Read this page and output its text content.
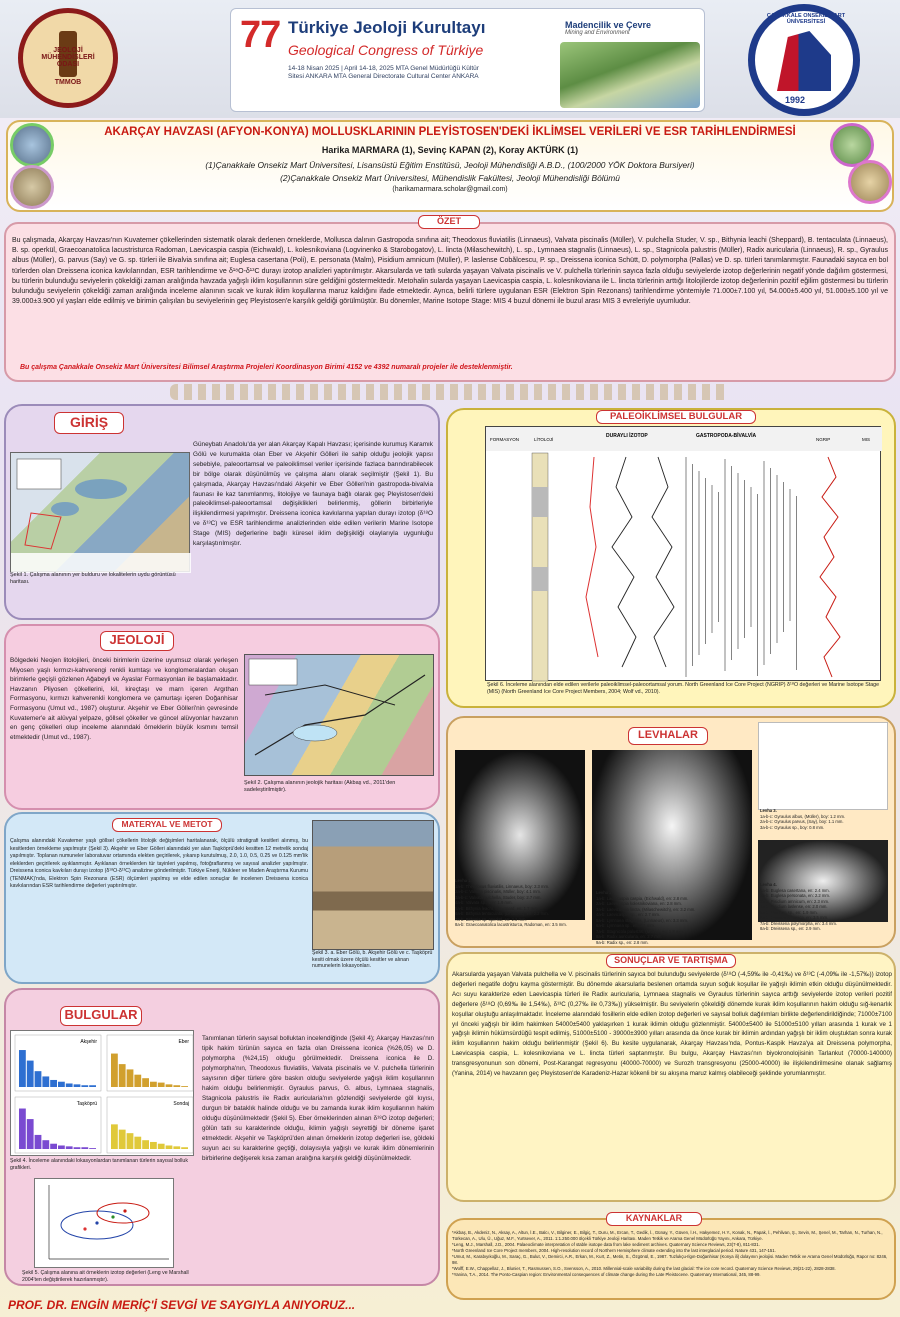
JEOLOJİ MÜHENDİSLERİ ODASI
TMMOB
77 Türkiye Jeoloji Kurultayı
Geological Congress of Türkiye
14-18 Nisan 2025 | April 14-18, 2025 MTA Genel Müdürlüğü Kültür Sitesi ANKARA MTA General Directorate Cultural Center ANKARA
Madencilik ve Çevre
Mining and Environment
1992
ÇANAKKALE ONSEKİZ MART ÜNİVERSİTESİ
AKARÇAY HAVZASI (AFYON-KONYA) MOLLUSKLARININ PLEYİSTOSEN'DEKİ İKLİMSEL VERİLERİ VE ESR TARİHLENDİRMESİ
Harika MARMARA (1), Sevinç KAPAN (2), Koray AKTÜRK (1)
(1)Çanakkale Onsekiz Mart Üniversitesi, Lisansüstü Eğitim Enstitüsü, Jeoloji Mühendisliği A.B.D., (100/2000 YÖK Doktora Bursiyeri)
(2)Çanakkale Onsekiz Mart Üniversitesi, Mühendislik Fakültesi, Jeoloji Mühendisliği Bölümü
(harikamarmara.scholar@gmail.com)
ÖZET
Bu çalışmada, Akarçay Havzası'nın Kuvatemer çökellerinden sistematik olarak derlenen örneklerde, Mollusca dalının Gastropoda sınıfına ait; Theodoxus fluviatilis (Linnaeus), Valvata piscinalis (Müller), V. pulchella Studer, V. sp., Bithynia leachi (Sheppard), B. tentaculata (Linnaeus), B. sp. operkül, Graecoanatolica lacustristurca Radoman, Laevicaspia caspia (Eichwald), L. kolesnikoviana (Logvinenko & Starobogatov), L. lincta (Milaschewitch), L. sp., Lymnaea stagnalis (Linnaeus), L. sp., Stagnicola palustris (Müller), Radix auricularia (Linnaeus), R. sp., Gyraulus albus (Müller), G. parvus (Say) ve G. sp. türleri ile Bivalvia sınıfına ait; Euglesa casertana (Poli), E. personata (Malm), Pisidium amnicum (Müller), P. laslense Cobălcescu, P. sp., Dreissena iconica Schütt, D. polymorpha (Pallas) ve D. sp. türleri tanımlanmıştır. Faunadaki sayıca en bol türlerden olan Dreissena iconica kavkılarından, ESR tarihlendirme ve δ¹⁸O-δ¹³C durayı izotop analizleri yaptırılmıştır. Akarsularda ve tatlı sularda yaşayan Valvata piscinalis ve V. pulchella türlerinin sayıca fazla olduğu seviyelerde izotop değerlerinin negatif yönde dağılım göstermesi, bu türlerin bulunduğu seviyelerin çökeldiği zaman aralığında havzada yağışlı iklim koşullarının süre geldiğini göstermektedir. Metohalin sularda yaşayan Laevicaspia caspia, L. kolesnikoviana ile L. lincta türlerinin arttığı litolojilerde izotop değerlerinin pozitif eğilim göstermesi bu türlerin bulunduğu seviyelerin çökeldiği zaman aralığında inceleme alanının sıcak ve kurak iklim koşullarına maruz kaldığını ifade etmektedir. Ayrıca, belirli türlere uygulanan ESR (Elektron Spin Rezonans) tarihlendirme yöntemiyle 71.000±7.100 yıl, 54.000±5.400 yıl, 51.000±5.100 yıl ve 39.000±3.900 yıl yaşları elde edilmiş ve birimin çalışılan bu seviyelerinin geç Pleyistosen'e karşılık geldiği görülmüştür. Bu dönemler, Marine Isotope Stage: MIS 4 buzul dönemi ile buzul arası MIS 3 evreleriyle uyumludur.
Bu çalışma Çanakkale Onsekiz Mart Üniversitesi Bilimsel Araştırma Projeleri Koordinasyon Birimi 4152 ve 4392 numaralı projeler ile desteklenmiştir.
GİRİŞ
Güneybatı Anadolu'da yer alan Akarçay Kapalı Havzası; içerisinde kurumuş Karamık Gölü ve kurumakta olan Eber ve Akşehir Gölleri ile sahip olduğu jeolojik yapısı sebebiyle, paleoortamsal ve paleoiklimsel veriler içerisinde fazlaca barındırabilecek bir bölge olarak düşünülmüş ve çalışma alanı olarak seçilmiştir (Şekil 1). Bu çalışmada, Akarçay Havzası'ndaki Akşehir ve Eber Gölleri'nin gastropoda-bivalvia faunası ile kaz tanımlanmış, litolojiye ve faunaya bağlı olarak geç Pleyistosen'deki paleoiklimsel-paleoortamsal değişiklikleri belirlenmiş, göllerin birbirleriyle ilişkilendirmesi yapılmıştır. Dreissena iconica kavkılarına yapılan durayı izotop (δ¹⁸O ve δ¹³C) ve ESR tarihlendirme analizlerinden elde edilen verilerin Marine Isotope Stage (MIS) değerlerine bağlı küresel iklim değişikliği olaylarıyla uygunluğu karşılaştırılmıştır.
Şekil 1. Çalışma alanının yer bulduru ve lokalitelerin uydu görüntüsü haritası.
JEOLOJİ
Bölgedeki Neojen litolojileri, önceki birimlerin üzerine uyumsuz olarak yerleşen Miyosen yaşlı kırmızı-kahverengi renkli kumtaşı ve konglomeralardan oluşan birimlerle geçişli gözlenen Ağabeyli ve Ayaslar Formasyonları ile başlamaktadır. Havzanın Pliyosen çökellerini, kil, kireçtaşı ve marn içeren Argıthan Formasyonu, kırmızı kahverenkli konglomera ve çamurtaşı içeren Doğanhisar Formasyonu (Umut vd., 1987) oluşturur. Akşehir ve Eber Gölleri'nin çevresinde Kuvatemer'e ait alüvyal yelpaze, göllsel çökeller ve güncel alüvyonlar havzanın en genç çökelleri olup inceleme alanındaki örneklerin büyük kısmını temsil etmektedir (Umut vd., 1987).
Şekil 2. Çalışma alanının jeolojik haritası (Akbaş vd., 2011'den sadeleştirilmiştir).
MATERYAL VE METOT
Çalışma alanındaki Kuvatemer yaşlı göllsel çökellerin litolojik değişimleri haritalanarak, ölçülü stratigrafi kesitleri alınmış, bu kesitlerden örnekleme yapılmıştır (Şekil 3). Akşehir ve Eber Gölleri alanındaki yer alan Taşköprü'deki kesitten 12 metrelik sondaj yapılmıştır. Toplanan numuneler laboratuvar ortamında elekten geçirilerek, yıkanıp kurutulmuş, 2.0, 1.0, 0.5, 0.25 ve 0.125 mm'lik eleklerden geçirilerek ayıklanmıştır. Ayıklanan örneklerden tür tayinleri yapılmış, fotoğraflanmış ve sayısal analizler yapılmıştır. Dreissena iconica kavkıları durayı izotop (δ¹⁸O-δ¹³C) analizine gönderilmiştir. Türkiye Enerji, Nükleer ve Maden Araştırma Kurumu (TENMAK)'nda, Elektron Spin Rezonans (ESR) ölçümleri yapılmış ve elde edilen sonuçlar ile incelenen Dreissena iconica kavkılarından ESR tarihlendirme değerleri yaptırılmıştır.
Şekil 3. a. Eber Gölü, b. Akşehir Gölü ve c. Taşköprü kesiti olmak üzere ölçülü kesitler ve alınan numunelerin lokasyonları.
BULGULAR
Akşehir	Eber
Taşköprü	Sondaj
Şekil 4. İnceleme alanındaki lokasyonlardan tanımlanan türlerin sayısal bolluk grafikleri.
Şekil 5. Çalışma alanına ait örneklerin izotop değerleri (Leng ve Marshall 2004'ten değiştirilerek hazırlanmıştır).
Tanımlanan türlerin sayısal bolluktan incelendiğinde (Şekil 4); Akarçay Havzası'nın tipik hakim türünün sayıca en fazla olan Dreissena iconica (%26,05) ve D. polymorpha (%24,15) olduğu görülmektedir. Dreissena iconica ile D. polymorpha'nın, Theodoxus fluviatilis, Valvata piscinalis ve V. pulchella türlerinin sayısının diğer türlere göre baskın olduğu seviyelerde yağışlı iklim koşullarının hakim olduğu belirlenmiştir. Gyraulus parvus, G. albus, Lymnaea stagnalis, Stagnicola palustris ile Radix auricularia'nın gözlendiği seviyelerde göl kıyısı, durgun bir bataklık halinde olduğu ve bu zamanda kurak iklim koşullarının hakim olduğu düşünülmektedir (Şekil 5). Eber örneklerinden alınan δ¹⁸O izotop değerleri; gölün tatlı su karakterinde olduğu, iklimin yağışlı seyrettiği bir döneme işaret etmektedir. Akşehir ve Taşköprü'den alınan örneklerin izotop değerleri ise, göldeki suyun acı su karakterine geçtiği, dolayısıyla yağışlı ve kurak iklim dönemlerinin birbirlerine değişerek kısa zaman aralığına karşılık geldiği düşünülmektedir.
PALEOİKLİMSEL BULGULAR
FORMASYON	LİTOLOJİ
DURAYLI İZOTOP	GASTROPODA-BİVALVİA
NGRIP	MIS
Şekil 6. İnceleme alanından elde edilen verilerle paleoiklimsel-paleoortamsal yorum. North Greenland Ice Core Project (NGRIP) δ¹⁸O değerleri ve Marine Isotope Stage (MIS) (North Greenland Ice Core Project Members, 2004; Wolf vd., 2010).
LEVHALAR
Levha 1.
1a-b: Theodoxus fluviatilis, Linnaeus, boy: 2.3 mm.
2a-b-c: Valvata piscinalis, Müller, boy: 4.1 mm.
3a-b-c: Valvata pulchella, Studer, boy: 2.7 mm.
4a-b: Valvata sp., boy: 1.9 mm.
5a-b: Bithynia leachi, She ppard, en: 1.7 mm.
6a-b: Bithynia tentaculata, (Linnaeus), en: 2.2 mm.
7a-b: Bithynia sp. operkül, en: 2.3 mm.
8a-b: Graecoanatolica lacustristurca, Radoman, en: 3.5 mm.
Levha 2.
1a-b: Laevicaspia caspia, (Eichwald), en: 2.8 mm.
2a-b: Laevicaspia kolesnikoviana, en: 2.8 mm.
3a-b: Laevicaspia lincta, (Milaschewitch), en: 3.2 mm.
4a-b: Laevicaspia sp., en: 2.7 mm.
5a-b: Lymnaea stagnalis, (Linnaeus), en: 3.3 mm.
6a-b: Lymnaea sp., en: 3.1 mm.
7a-b: Stagnicola palustris, (Müller), en: 1.8 mm.
8a-b: Radix auricularia, en: 2.7 mm.
9a-b: Radix sp., en: 2.8 mm.
Levha 3.
1a-b-c: Gyraulus albus, (Müller), boy: 1.2 mm.
2a-b-c: Gyraulus parvus, (Say), boy: 1.1 mm.
3a-b-c: Gyraulus sp., boy: 0.8 mm.
Levha 4.
1a-b: Euglesa casertana, en: 2.4 mm.
2a-b: Euglesa personata, en: 2.2 mm.
3a-b: Pisidium amnicum, en: 2.3 mm.
4a-b: Pisidium laslense, en: 2.0 mm.
5a-b: Pisidium sp., en: 1.9 mm.
6a-b: Dreissena iconica, en: 3.5 mm.
7a-b: Dreissena polymorpha, en: 3.4 mm.
8a-b: Dreissena sp., en: 2.9 mm.
SONUÇLAR VE TARTIŞMA
Akarsularda yaşayan Valvata pulchella ve V. piscinalis türlerinin sayıca bol bulunduğu seviyelerde (δ¹⁸O (-4,59‰ ile -0,41‰) ve δ¹³C (-4,09‰ ile -1,57‰)) izotop değerleri negatife doğru kayma göstermiştir. Bu dönemde akarsularla beslenen ortamda suyun soğuk koşullar ile yağışlı iklimin etkin olduğu düşünülmektedir. Acı suyu karakterize eden Laevicaspia türleri ile Radix auricularia, Lymnaea stagnalis ve Gyraulus türlerinin sayıca arttığı seviyelerde izotop verileri pozitif değerlere (δ¹⁸O (0,69‰ ile 1,54‰), δ¹³C (0,27‰ ile 0,73‰)) yükselmiştir. Bu seviyelerin çökeldiği dönemde kurak iklim koşullarının hakim olduğu sığ-kenarlık koşullar oluştuğu anlaşılmaktadır. İnceleme alanındaki fosillerin elde edilen izotop değerleri ve sayısal bolluk dağılımları birlikte değerlendirildiğinde; 71000±7100 yıl önceki yağışlı bir iklim hakimken 54000±5400 yaklaşırken 1 kurak iklimin olduğu gözlenmiştir. 54000±5400 ile 51000±5100 yılları arasında 1 kurak ve 1 yağışlı iklimin hükümsürdüğü tespit edilmiş, 51000±5100 - 39000±3900 yılları arasında da önce kurak bir iklimin ardından yağışlı bir iklim oluştuktan sonra kurak iklim koşullarının hakim olduğu belirlenmiştir (Şekil 6). Bu kesite uygulanarak, Akarçay Havzası'nda, Pontus-Kaspik Havza'ya ait Dreissena polymorpha, Laevicaspia caspia, L. kolesnikoviana ve L. lincta türleri saptanmıştır. Bu bulgu, Akarçay Havzası'nın biyokronolojisinin Tarlankut (70000-140000) transgresyonunun son dönemi, Post-Karangat regresyonu (40000-70000) ve Surozh transgresyonu (25000-40000) ile ilişkilendirilmesine olanak sağlamış (Yanina, 2014) ve havzanın geç Pleyistosen'de Karadeniz-Hazar kökenli bir su akışına maruz kalmış olabileceği şeklinde yorumlanmıştır.
KAYNAKLAR
*Akbaş, B., Akdeniz, N., Aksay, A., Altun, İ.E., Balcı, V., Bilginer, E., Bilgiç, T., Duru, M., Ercan, T., Gedik, İ., Günay, Y., Güven, İ.H., Hakyemez, H.Y., Konak, N., Papak, İ., Pehlivan, Ş., Sevin, M., Şenel, M., Tarhan, N., Turhan, N., Türkecan, A., Ulu, Ü., Uğuz, M.F., Yurtsever, A., 2011. 1:1.250.000 ölçekli Türkiye Jeoloji Haritası. Maden Tetkik ve Arama Genel Müdürlüğü Yayını, Ankara, Türkiye.
*Leng, M.J., Marshall, J.D., 2004. Palaeoclimate interpretation of stable isotope data from lake sediment archives. Quaternary Science Reviews, 23(7-8), 811-831.
*North Greenland Ice Core Project members, 2004. High-resolution record of Northern Hemisphere climate extending into the last interglacial period. Nature 431, 147-151.
*Umut, M., Karabıyıkoğlu, M., Saraç, G., Bulut, V., Demirci, A.R., Erkan, M., Kurt, Z., Metin, S., Özgönül, E., 1987. Tuzlukçu-Ilgın-Doğanhisar (Konya ili) dolayının jeolojisi. Maden Tetkik ve Arama Genel Müdürlüğü, Rapor no: 8246, 98.
*Wolff, E.W., Chappellaz, J., Blunier, T., Rasmussen, S.O., Svensson, A., 2010. Millennial-scale variability during the last glacial: The ice core record. Quaternary Science Reviews, 29(21-22), 2828-2838.
*Yanina, T.A., 2014. The Ponto-Caspian region: Environmental consequences of climate change during the Late Pleistocene. Quaternary International, 345, 88-99.
PROF. DR. ENGİN MERİÇ'İ SEVGİ VE SAYGIYLA ANIYORUZ...
